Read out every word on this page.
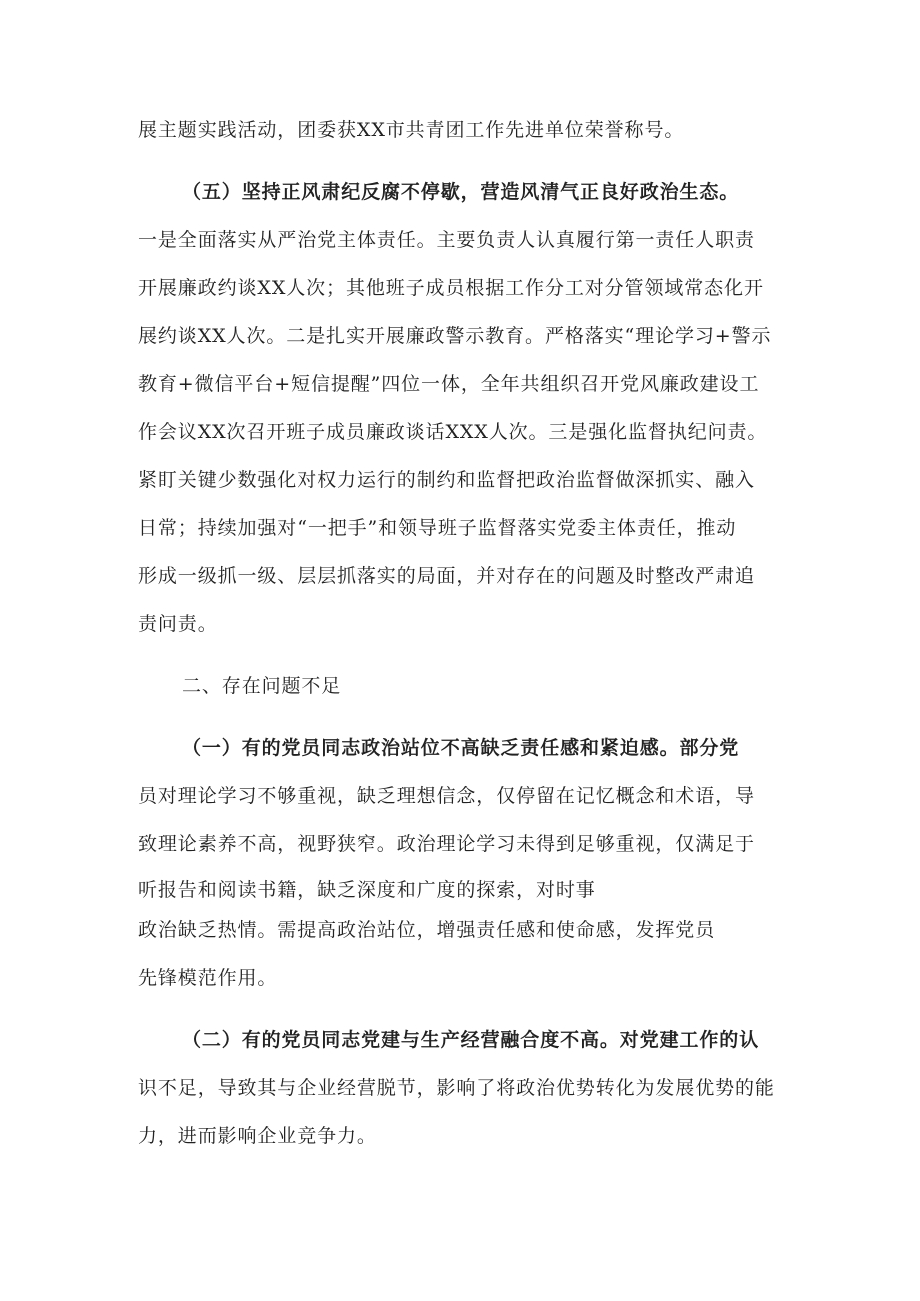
展主题实践活动，团委获XX市共青团工作先进单位荣誉称号。

（五）坚持正风肃纪反腐不停歇，营造风清气正良好政治生态。

一是全面落实从严治党主体责任。主要负责人认真履行第一责任人职责

开展廉政约谈XX人次；其他班子成员根据工作分工对分管领域常态化开

展约谈XX人次。二是扎实开展廉政警示教育。严格落实“理论学习+警示

教育+微信平台+短信提醒”四位一体，全年共组织召开党风廉政建设工

作会议XX次召开班子成员廉政谈话XXX人次。三是强化监督执纪问责。

紧盯关键少数强化对权力运行的制约和监督把政治监督做深抓实、融入

日常；持续加强对“一把手”和领导班子监督落实党委主体责任，推动

形成一级抓一级、层层抓落实的局面，并对存在的问题及时整改严肃追

责问责。

二、存在问题不足

（一）有的党员同志政治站位不高缺乏责任感和紧迫感。部分党

员对理论学习不够重视，缺乏理想信念，仅停留在记忆概念和术语，导

致理论素养不高，视野狭窄。政治理论学习未得到足够重视，仅满足于

听报告和阅读书籍，缺乏深度和广度的探索，对时事

政治缺乏热情。需提高政治站位，增强责任感和使命感，发挥党员

先锋模范作用。

（二）有的党员同志党建与生产经营融合度不高。对党建工作的认

识不足，导致其与企业经营脱节，影响了将政治优势转化为发展优势的能

力，进而影响企业竞争力。
